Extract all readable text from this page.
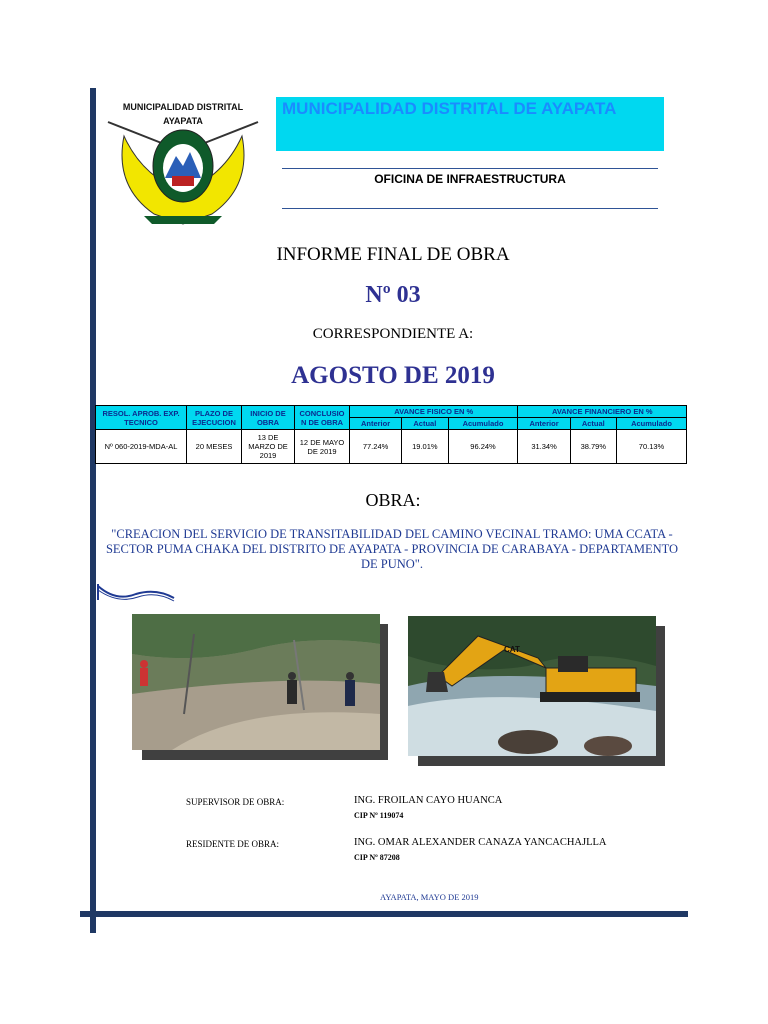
MUNICIPALIDAD DISTRITAL
AYAPATA
MUNICIPALIDAD DISTRITAL DE AYAPATA
OFICINA DE INFRAESTRUCTURA
INFORME FINAL DE OBRA
Nº 03
CORRESPONDIENTE A:
AGOSTO DE 2019
RESOL. APROB. EXP. TECNICO	PLAZO DE EJECUCION	INICIO DE OBRA	CONCLUSIO N DE OBRA	AVANCE FISICO EN %			AVANCE FINANCIERO EN %		
				Anterior	Actual	Acumulado	Anterior	Actual	Acumulado
Nº 060-2019-MDA-AL	20 MESES	13 DE MARZO DE 2019	12 DE MAYO DE 2019	77.24%	19.01%	96.24%	31.34%	38.79%	70.13%
OBRA:
"CREACION DEL SERVICIO DE TRANSITABILIDAD DEL CAMINO VECINAL TRAMO: UMA CCATA - SECTOR PUMA CHAKA DEL DISTRITO DE AYAPATA - PROVINCIA DE CARABAYA - DEPARTAMENTO DE PUNO".
CAT
SUPERVISOR DE OBRA:	ING. FROILAN CAYO HUANCA
CIP Nº 119074
RESIDENTE DE OBRA:	ING. OMAR ALEXANDER CANAZA YANCACHAJLLA
CIP Nº 87208
AYAPATA, MAYO DE 2019
